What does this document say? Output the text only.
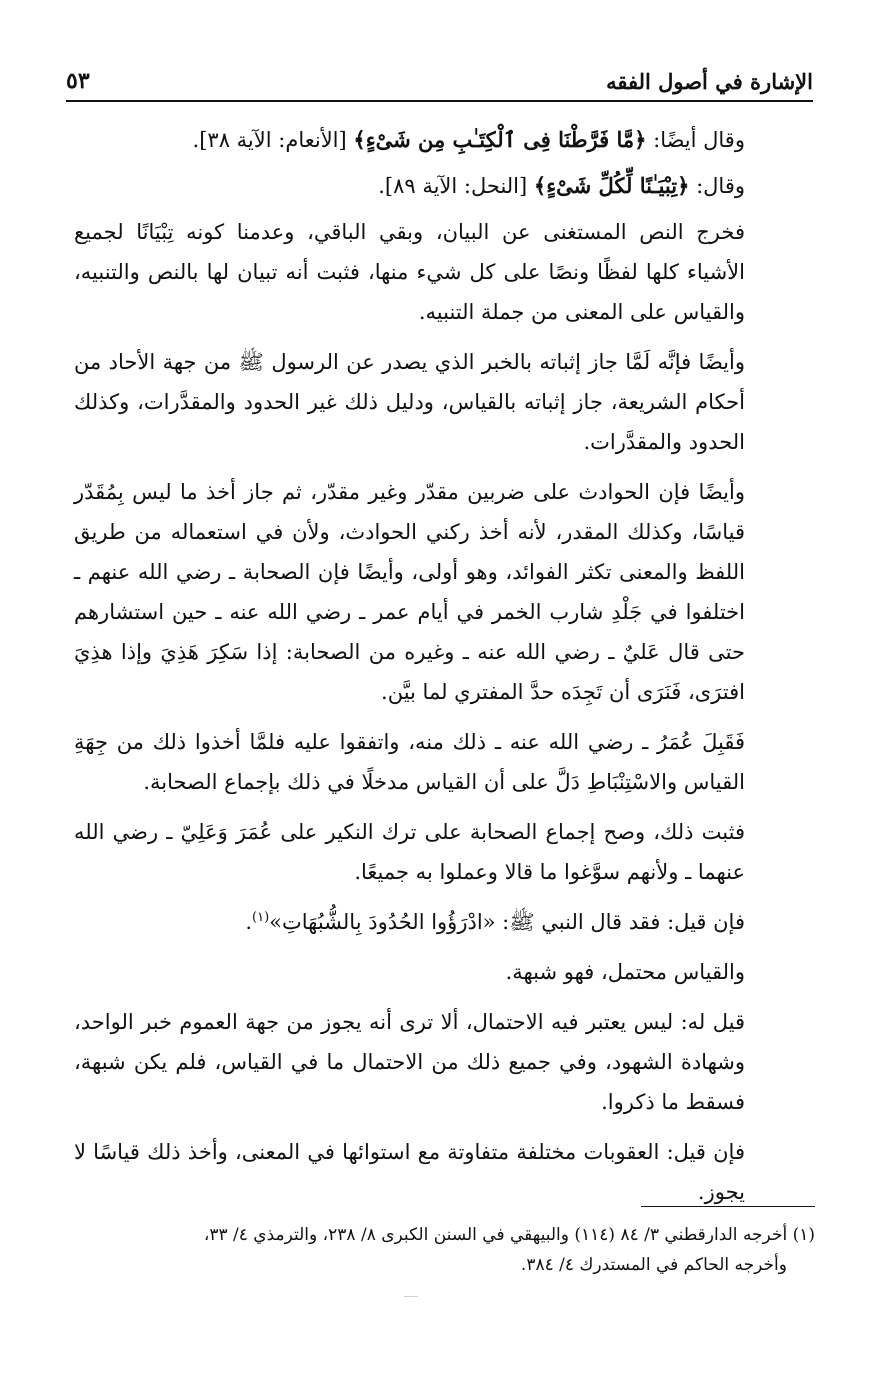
الإشارة في أصول الفقه
٥٣

وقال أيضًا: ﴿مَّا فَرَّطْنَا فِى ٱلْكِتَـٰبِ مِن شَىْءٍ﴾ [الأنعام: الآية ٣٨].

وقال: ﴿تِبْيَـٰنًا لِّكُلِّ شَىْءٍ﴾ [النحل: الآية ٨٩].

فخرج النص المستغنى عن البيان، وبقي الباقي، وعدمنا كونه تِبْيَانًا لجميع الأشياء كلها لفظًا ونصًا على كل شيء منها، فثبت أنه تبيان لها بالنص والتنبيه، والقياس على المعنى من جملة التنبيه.

وأيضًا فإنَّه لَمَّا جاز إثباته بالخبر الذي يصدر عن الرسول ﷺ من جهة الأحاد من أحكام الشريعة، جاز إثباته بالقياس، ودليل ذلك غير الحدود والمقدَّرات، وكذلك الحدود والمقدَّرات.

وأيضًا فإن الحوادث على ضربين مقدّر وغير مقدّر، ثم جاز أخذ ما ليس بِمُقَدّر قياسًا، وكذلك المقدر، لأنه أخذ ركني الحوادث، ولأن في استعماله من طريق اللفظ والمعنى تكثر الفوائد، وهو أولى، وأيضًا فإن الصحابة ـ رضي الله عنهم ـ اختلفوا في جَلْدِ شارب الخمر في أيام عمر ـ رضي الله عنه ـ حين استشارهم حتى قال عَليٌ ـ رضي الله عنه ـ وغيره من الصحابة: إذا سَكِرَ هَذِيَ وإذا هذِيَ افترَى، فَنَرَى أن تَجِدَه حدَّ المفتري لما بيَّن.

فَقَبِلَ عُمَرُ ـ رضي الله عنه ـ ذلك منه، واتفقوا عليه فلمَّا أخذوا ذلك من جِهَةِ القياس والاسْتِنْبَاطِ دَلَّ على أن القياس مدخلًا في ذلك بإجماع الصحابة.

فثبت ذلك، وصح إجماع الصحابة على ترك النكير على عُمَرَ وَعَلِيّ ـ رضي الله عنهما ـ ولأنهم سوَّغوا ما قالا وعملوا به جميعًا.

فإن قيل: فقد قال النبي ﷺ: «ادْرَؤُوا الحُدُودَ بِالشُّبُهَاتِ»$^{(١)}$.

والقياس محتمل، فهو شبهة.

قيل له: ليس يعتبر فيه الاحتمال، ألا ترى أنه يجوز من جهة العموم خبر الواحد، وشهادة الشهود، وفي جميع ذلك من الاحتمال ما في القياس، فلم يكن شبهة، فسقط ما ذكروا.

فإن قيل: العقوبات مختلفة متفاوتة مع استوائها في المعنى، وأخذ ذلك قياسًا لا يجوز.

(١) أخرجه الدارقطني ٣/ ٨٤ (١١٤) والبيهقي في السنن الكبرى ٨/ ٢٣٨، والترمذي ٤/ ٣٣،
وأخرجه الحاكم في المستدرك ٤/ ٣٨٤.
